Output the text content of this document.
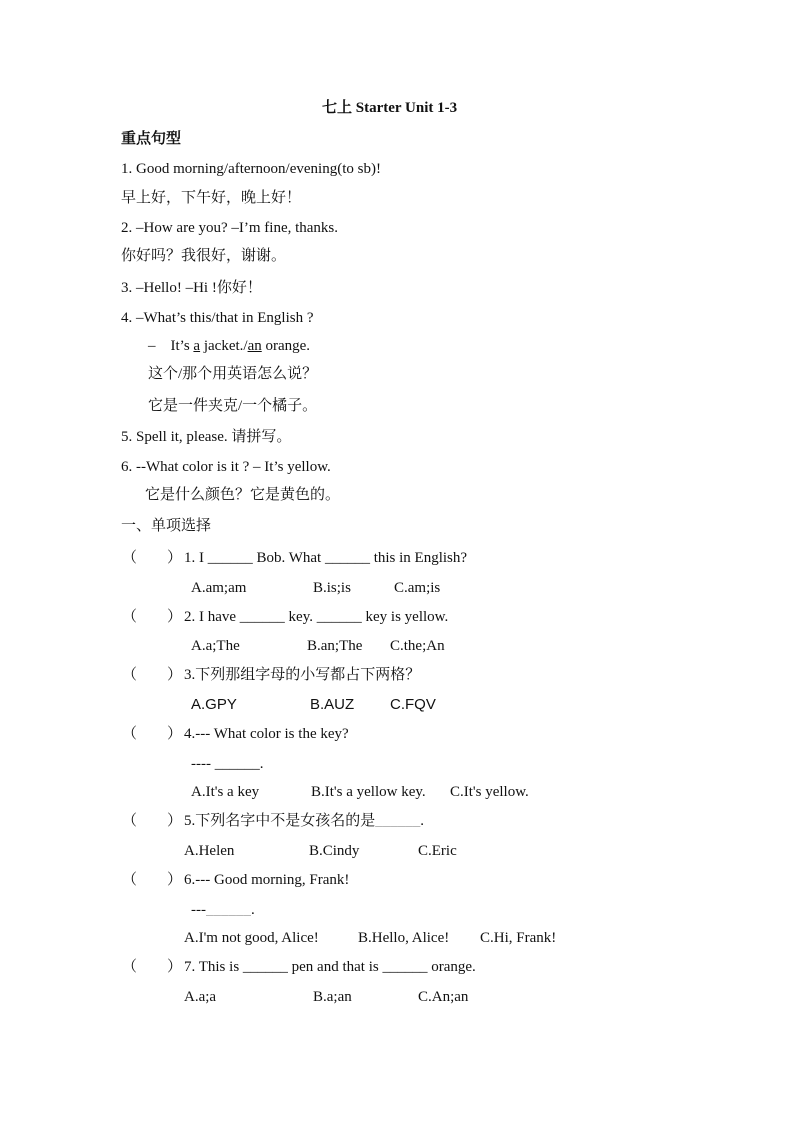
七上 Starter Unit 1-3
重点句型
1. Good morning/afternoon/evening(to sb)!
早上好，下午好，晚上好！
2. –How are you? –I’m fine, thanks.
你好吗？我很好，谢谢。
3. –Hello! –Hi !你好！
4. –What’s this/that in English ?
–    It’s a jacket./an orange.
这个/那个用英语怎么说？
它是一件夹克/一个橘子。
5. Spell it, please. 请拼写。
6. --What color is it ? – It’s yellow.
它是什么颜色？它是黄色的。
一、单项选择
（        ） 1. I ______ Bob. What ______ this in English?
A.am;am	B.is;is	C.am;is
（        ） 2. I have ______ key. ______ key is yellow.
A.a;The	B.an;The C.the;An
（        ） 3.下列那组字母的小写都占下两格？
A.GPY	B.AUZ C.FQV
（        ） 4.--- What color is the key?
---- ______.
A.It's a key	B.It's a yellow key. C.It's yellow.
（        ） 5.下列名字中不是女孩名的是______.
A.Helen	B.Cindy	C.Eric
（        ） 6.--- Good morning, Frank!
---______.
A.I'm not good, Alice!	B.Hello, Alice! C.Hi, Frank!
（        ） 7. This is ______ pen and that is ______ orange.
A.a;a	B.a;an	C.An;an
